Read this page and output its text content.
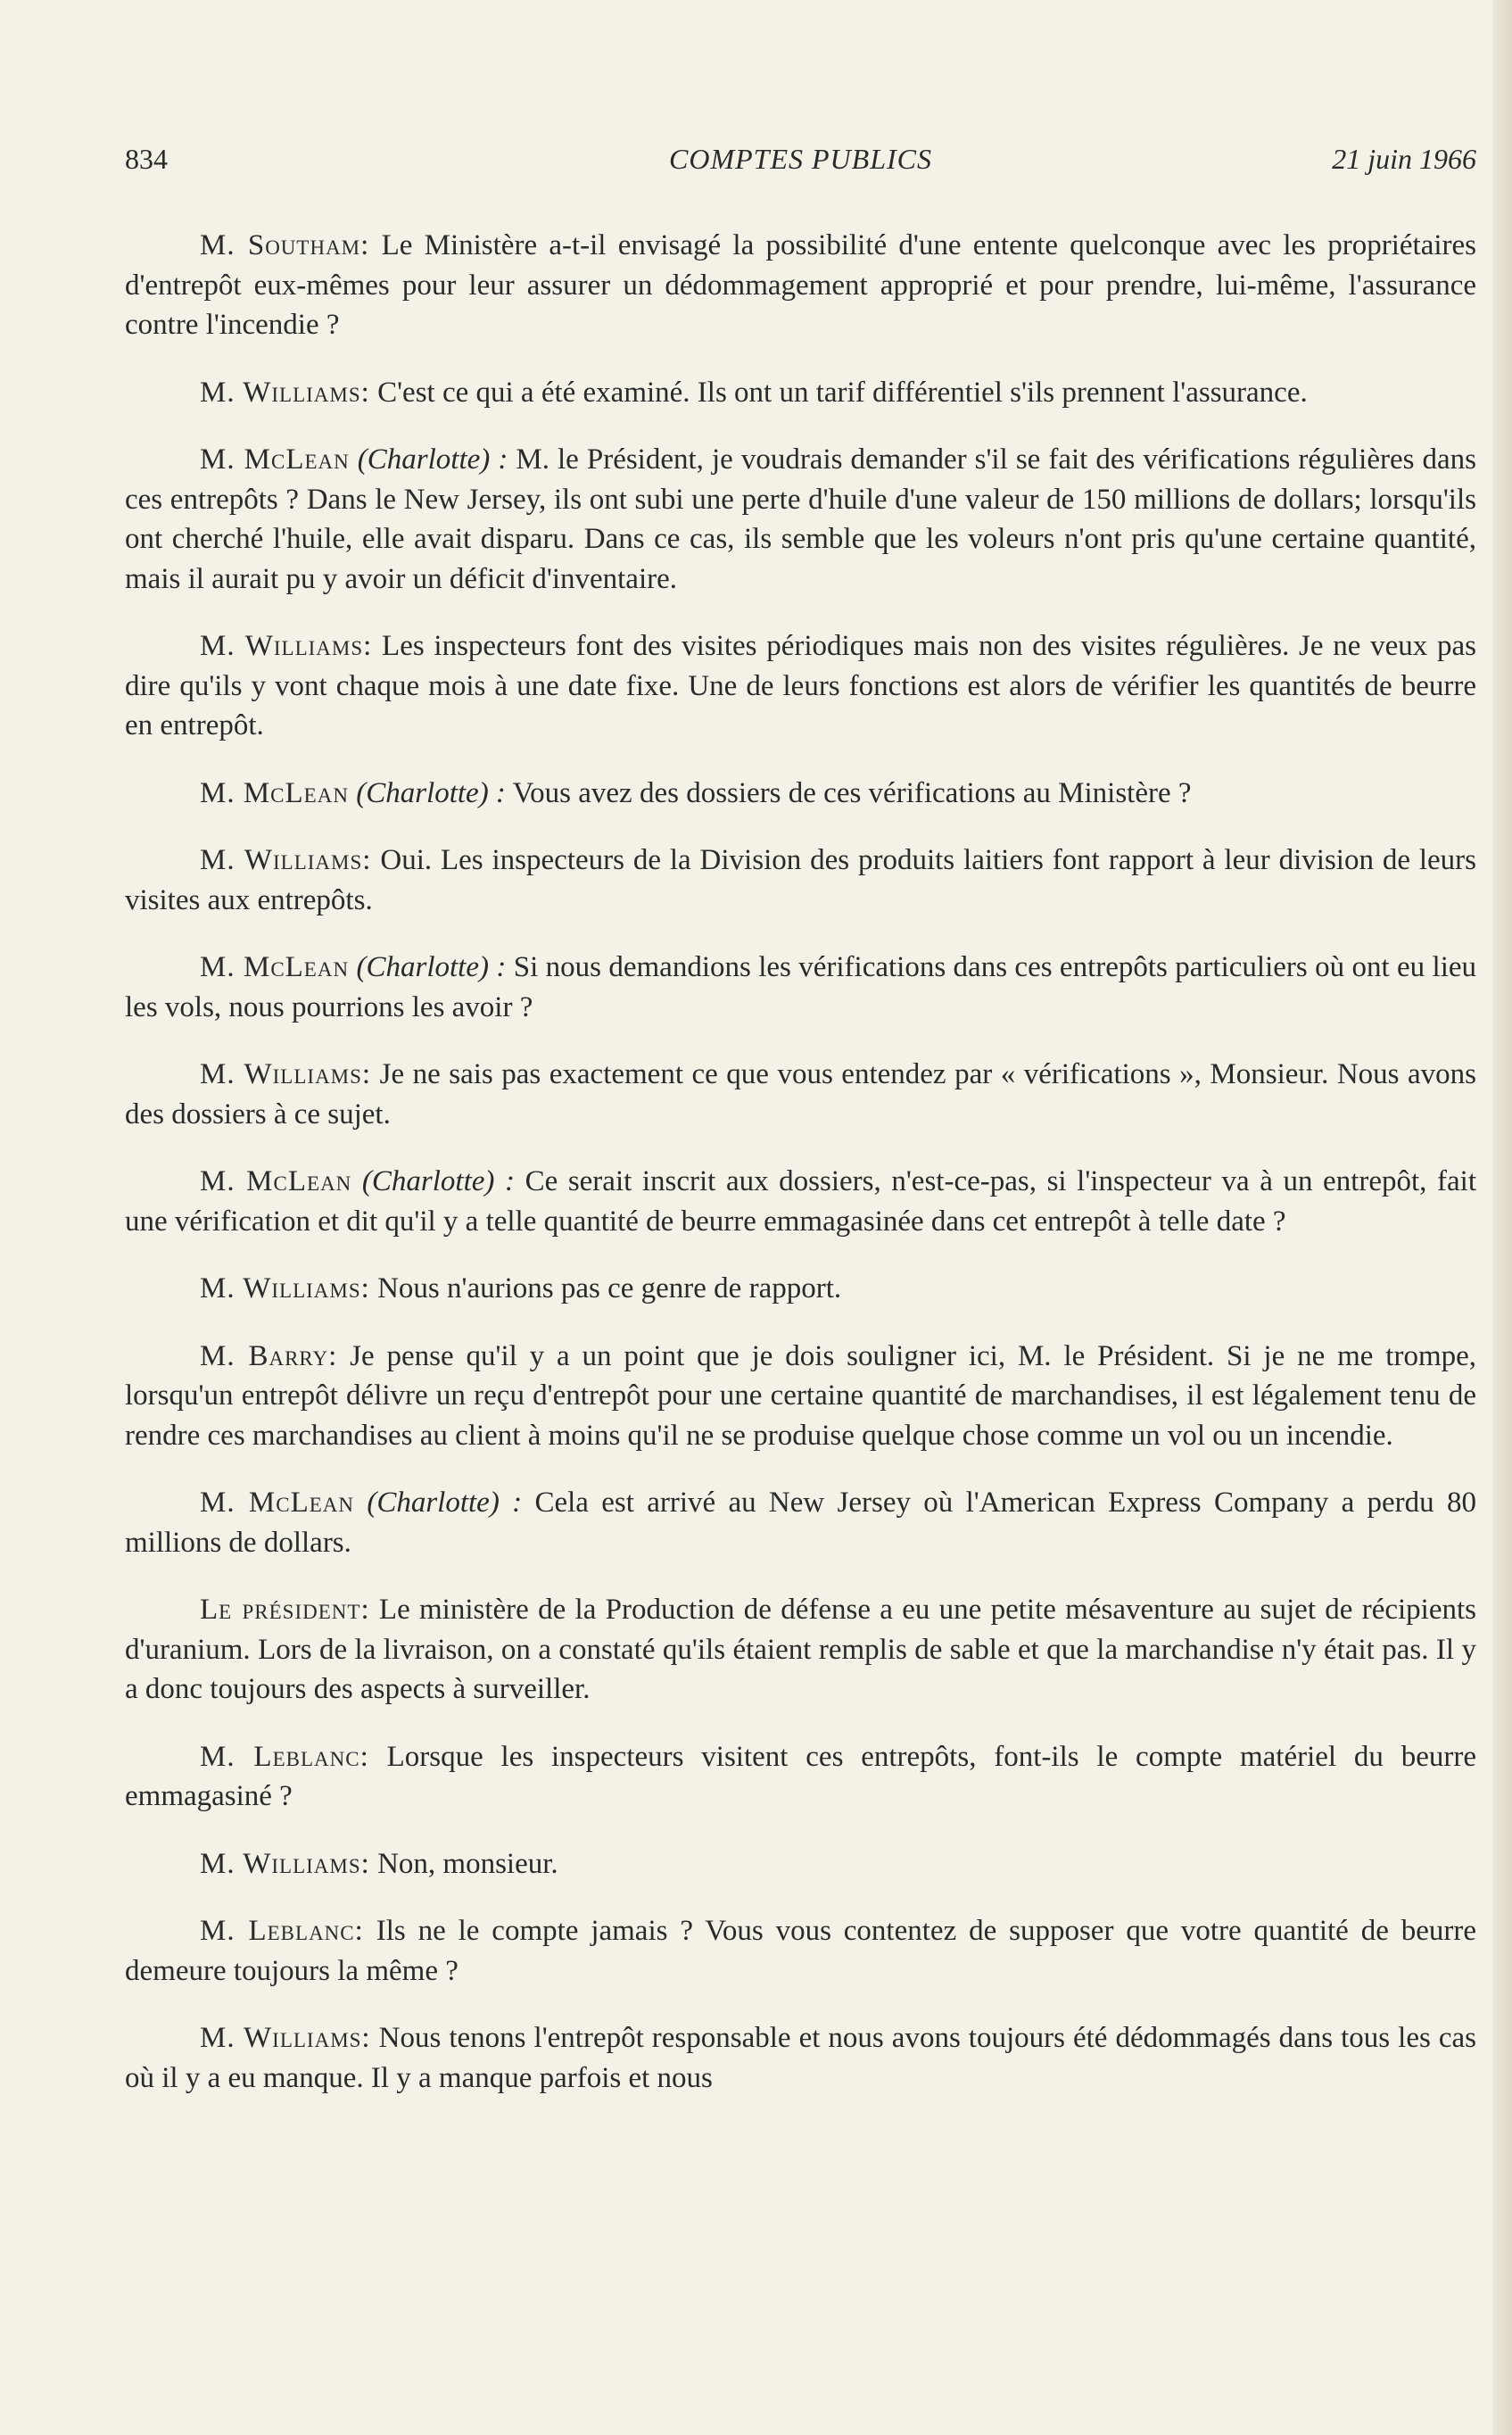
834	COMPTES PUBLICS	21 juin 1966

M. Southam: Le Ministère a-t-il envisagé la possibilité d'une entente quelconque avec les propriétaires d'entrepôt eux-mêmes pour leur assurer un dédommagement approprié et pour prendre, lui-même, l'assurance contre l'incendie ?

M. Williams: C'est ce qui a été examiné. Ils ont un tarif différentiel s'ils prennent l'assurance.

M. McLean (Charlotte) : M. le Président, je voudrais demander s'il se fait des vérifications régulières dans ces entrepôts ? Dans le New Jersey, ils ont subi une perte d'huile d'une valeur de 150 millions de dollars; lorsqu'ils ont cherché l'huile, elle avait disparu. Dans ce cas, ils semble que les voleurs n'ont pris qu'une certaine quantité, mais il aurait pu y avoir un déficit d'inventaire.

M. Williams: Les inspecteurs font des visites périodiques mais non des visites régulières. Je ne veux pas dire qu'ils y vont chaque mois à une date fixe. Une de leurs fonctions est alors de vérifier les quantités de beurre en entrepôt.

M. McLean (Charlotte) : Vous avez des dossiers de ces vérifications au Ministère ?

M. Williams: Oui. Les inspecteurs de la Division des produits laitiers font rapport à leur division de leurs visites aux entrepôts.

M. McLean (Charlotte) : Si nous demandions les vérifications dans ces entrepôts particuliers où ont eu lieu les vols, nous pourrions les avoir ?

M. Williams: Je ne sais pas exactement ce que vous entendez par « vérifications », Monsieur. Nous avons des dossiers à ce sujet.

M. McLean (Charlotte) : Ce serait inscrit aux dossiers, n'est-ce-pas, si l'inspecteur va à un entrepôt, fait une vérification et dit qu'il y a telle quantité de beurre emmagasinée dans cet entrepôt à telle date ?

M. Williams: Nous n'aurions pas ce genre de rapport.

M. Barry: Je pense qu'il y a un point que je dois souligner ici, M. le Président. Si je ne me trompe, lorsqu'un entrepôt délivre un reçu d'entrepôt pour une certaine quantité de marchandises, il est légalement tenu de rendre ces marchandises au client à moins qu'il ne se produise quelque chose comme un vol ou un incendie.

M. McLean (Charlotte) : Cela est arrivé au New Jersey où l'American Express Company a perdu 80 millions de dollars.

Le président: Le ministère de la Production de défense a eu une petite mésaventure au sujet de récipients d'uranium. Lors de la livraison, on a constaté qu'ils étaient remplis de sable et que la marchandise n'y était pas. Il y a donc toujours des aspects à surveiller.

M. Leblanc: Lorsque les inspecteurs visitent ces entrepôts, font-ils le compte matériel du beurre emmagasiné ?

M. Williams: Non, monsieur.

M. Leblanc: Ils ne le compte jamais ? Vous vous contentez de supposer que votre quantité de beurre demeure toujours la même ?

M. Williams: Nous tenons l'entrepôt responsable et nous avons toujours été dédommagés dans tous les cas où il y a eu manque. Il y a manque parfois et nous
